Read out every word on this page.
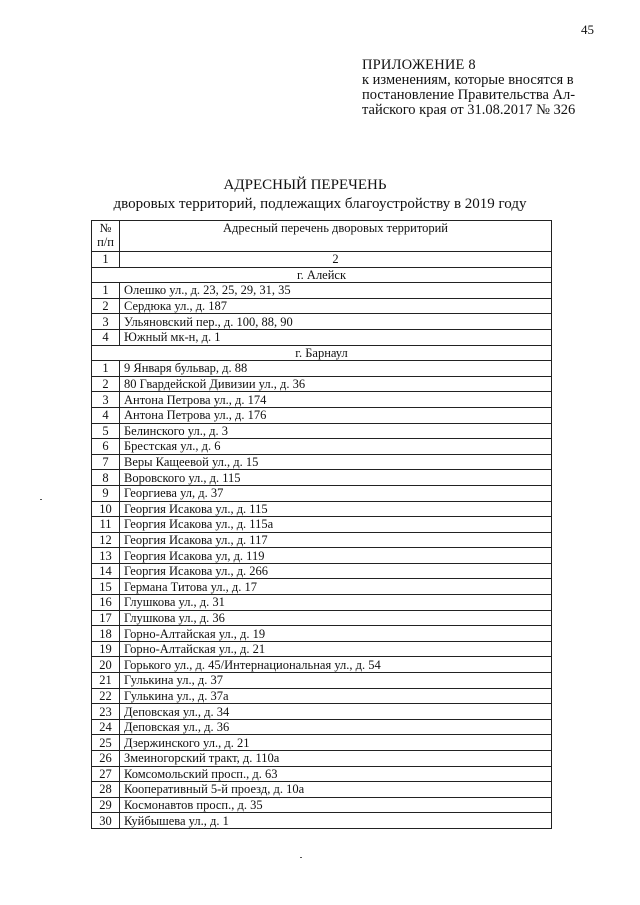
45
ПРИЛОЖЕНИЕ 8
к изменениям, которые вносятся в
постановление Правительства Ал-
тайского края от 31.08.2017 № 326
АДРЕСНЫЙ ПЕРЕЧЕНЬ
дворовых территорий, подлежащих благоустройству в 2019 году
№
п/п	Адресный перечень дворовых территорий
1	2
г. Алейск	
1	Олешко ул., д. 23, 25, 29, 31, 35
2	Сердюка ул., д. 187
3	Ульяновский пер., д. 100, 88, 90
4	Южный мк-н, д. 1
г. Барнаул	
1	9 Января бульвар, д. 88
2	80 Гвардейской Дивизии ул., д. 36
3	Антона Петрова ул., д. 174
4	Антона Петрова ул., д. 176
5	Белинского ул., д. 3
6	Брестская ул., д. 6
7	Веры Кащеевой ул., д. 15
8	Воровского ул., д. 115
9	Георгиева ул, д. 37
10	Георгия Исакова ул., д. 115
11	Георгия Исакова ул., д. 115а
12	Георгия Исакова ул., д. 117
13	Георгия Исакова ул, д. 119
14	Георгия Исакова ул., д. 266
15	Германа Титова ул., д. 17
16	Глушкова ул., д. 31
17	Глушкова ул., д. 36
18	Горно-Алтайская ул., д. 19
19	Горно-Алтайская ул., д. 21
20	Горького ул., д. 45/Интернациональная ул., д. 54
21	Гулькина ул., д. 37
22	Гулькина ул., д. 37а
23	Деповская ул., д. 34
24	Деповская ул., д. 36
25	Дзержинского ул., д. 21
26	Змеиногорский тракт, д. 110а
27	Комсомольский просп., д. 63
28	Кооперативный 5-й проезд, д. 10а
29	Космонавтов просп., д. 35
30	Куйбышева ул., д. 1
